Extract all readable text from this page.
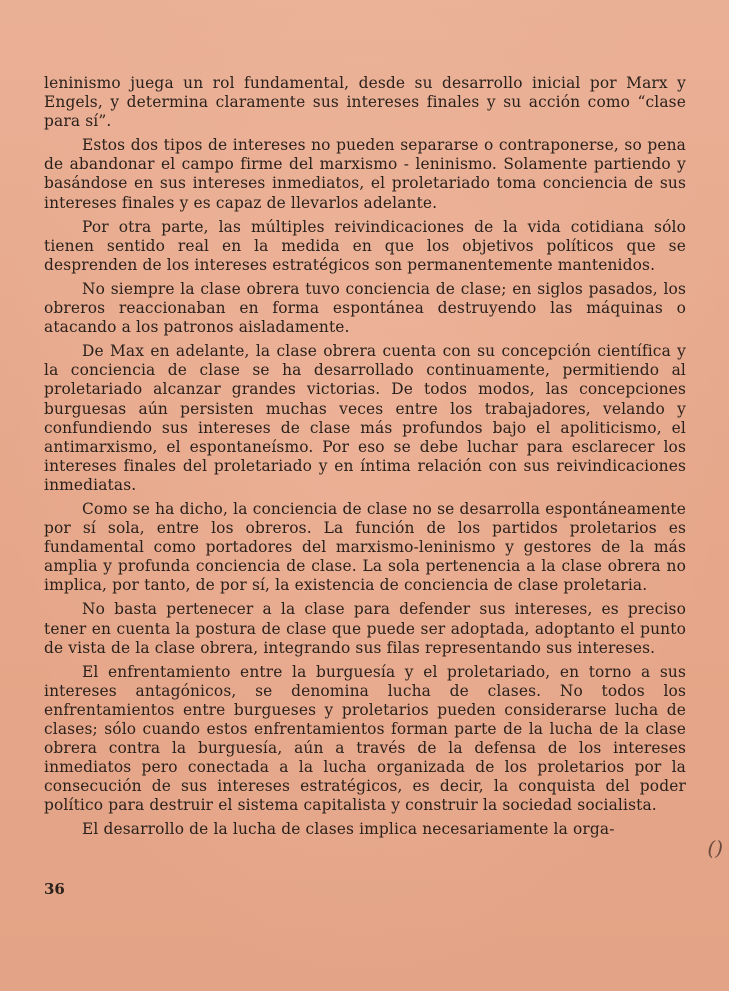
leninismo juega un rol fundamental, desde su desarrollo inicial por Marx y Engels, y determina claramente sus intereses finales y su acción como “clase para sí”.

Estos dos tipos de intereses no pueden separarse o contraponerse, so pena de abandonar el campo firme del marxismo - leninismo. Solamente partiendo y basándose en sus intereses inmediatos, el proletariado toma conciencia de sus intereses finales y es capaz de llevarlos adelante.

Por otra parte, las múltiples reivindicaciones de la vida cotidiana sólo tienen sentido real en la medida en que los objetivos políticos que se desprenden de los intereses estratégicos son permanentemente mantenidos.

No siempre la clase obrera tuvo conciencia de clase; en siglos pasados, los obreros reaccionaban en forma espontánea destruyendo las máquinas o atacando a los patronos aisladamente.

De Max en adelante, la clase obrera cuenta con su concepción científica y la conciencia de clase se ha desarrollado continuamente, permitiendo al proletariado alcanzar grandes victorias. De todos modos, las concepciones burguesas aún persisten muchas veces entre los trabajadores, velando y confundiendo sus intereses de clase más profundos bajo el apoliticismo, el antimarxismo, el espontaneísmo. Por eso se debe luchar para esclarecer los intereses finales del proletariado y en íntima relación con sus reivindicaciones inmediatas.

Como se ha dicho, la conciencia de clase no se desarrolla espontáneamente por sí sola, entre los obreros. La función de los partidos proletarios es fundamental como portadores del marxismo-leninismo y gestores de la más amplia y profunda conciencia de clase. La sola pertenencia a la clase obrera no implica, por tanto, de por sí, la existencia de conciencia de clase proletaria.

No basta pertenecer a la clase para defender sus intereses, es preciso tener en cuenta la postura de clase que puede ser adoptada, adoptanto el punto de vista de la clase obrera, integrando sus filas representando sus intereses.

El enfrentamiento entre la burguesía y el proletariado, en torno a sus intereses antagónicos, se denomina lucha de clases. No todos los enfrentamientos entre burgueses y proletarios pueden considerarse lucha de clases; sólo cuando estos enfrentamientos forman parte de la lucha de la clase obrera contra la burguesía, aún a través de la defensa de los intereses inmediatos pero conectada a la lucha organizada de los proletarios por la consecución de sus intereses estratégicos, es decir, la conquista del poder político para destruir el sistema capitalista y construir la sociedad socialista.

El desarrollo de la lucha de clases implica necesariamente la orga-

36
()
